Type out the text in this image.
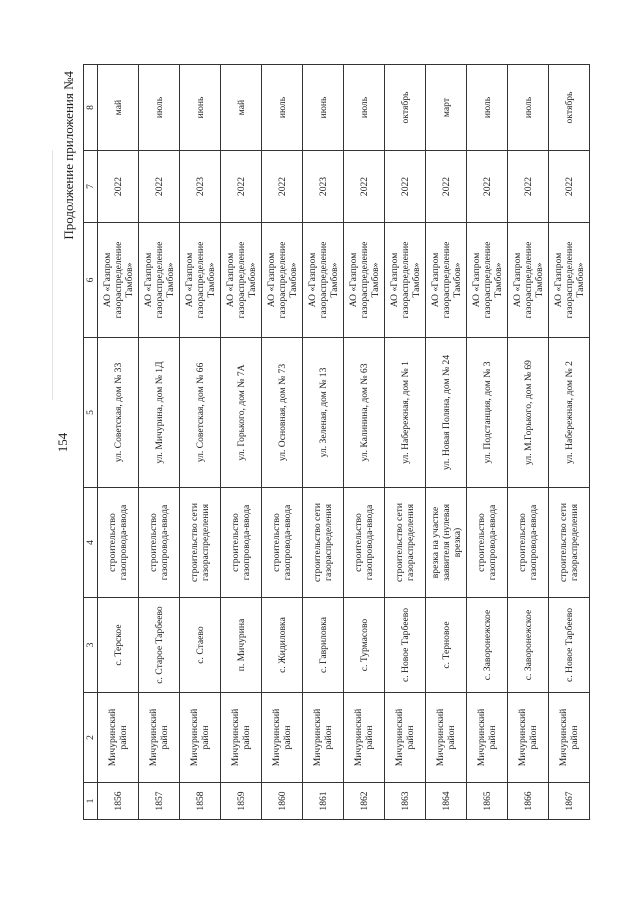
154
Продолжение приложения №4
1	2	3	4	5	6	7	8
1856	Мичуринский район	с. Терское	строительство газопровода-ввода	ул. Советская, дом № 33	АО «Газпром газораспределение Тамбов»	2022	май
1857	Мичуринский район	с. Старое Тарбеево	строительство газопровода-ввода	ул. Мичурина, дом № 1Д	АО «Газпром газораспределение Тамбов»	2022	июль
1858	Мичуринский район	с. Стаево	строительство сети газораспределения	ул. Советская, дом № 66	АО «Газпром газораспределение Тамбов»	2023	июнь
1859	Мичуринский район	п. Мичурина	строительство газопровода-ввода	ул. Горького, дом № 7А	АО «Газпром газораспределение Тамбов»	2022	май
1860	Мичуринский район	с. Жидиловка	строительство газопровода-ввода	ул. Основная, дом № 73	АО «Газпром газораспределение Тамбов»	2022	июль
1861	Мичуринский район	с. Гавриловка	строительство сети газораспределения	ул. Зеленая, дом № 13	АО «Газпром газораспределение Тамбов»	2023	июнь
1862	Мичуринский район	с. Турмасово	строительство газопровода-ввода	ул. Калинина, дом № 63	АО «Газпром газораспределение Тамбов»	2022	июль
1863	Мичуринский район	с. Новое Тарбеево	строительство сети газораспределения	ул. Набережная, дом № 1	АО «Газпром газораспределение Тамбов»	2022	октябрь
1864	Мичуринский район	с. Терновое	врезка на участке заявителя (нулевая врезка)	ул. Новая Поляна, дом № 24	АО «Газпром газораспределение Тамбов»	2022	март
1865	Мичуринский район	с. Заворонежское	строительство газопровода-ввода	ул. Подстанция, дом № 3	АО «Газпром газораспределение Тамбов»	2022	июль
1866	Мичуринский район	с. Заворонежское	строительство газопровода-ввода	ул. М.Горького, дом № 69	АО «Газпром газораспределение Тамбов»	2022	июль
1867	Мичуринский район	с. Новое Тарбеево	строительство сети газораспределения	ул. Набережная, дом № 2	АО «Газпром газораспределение Тамбов»	2022	октябрь
